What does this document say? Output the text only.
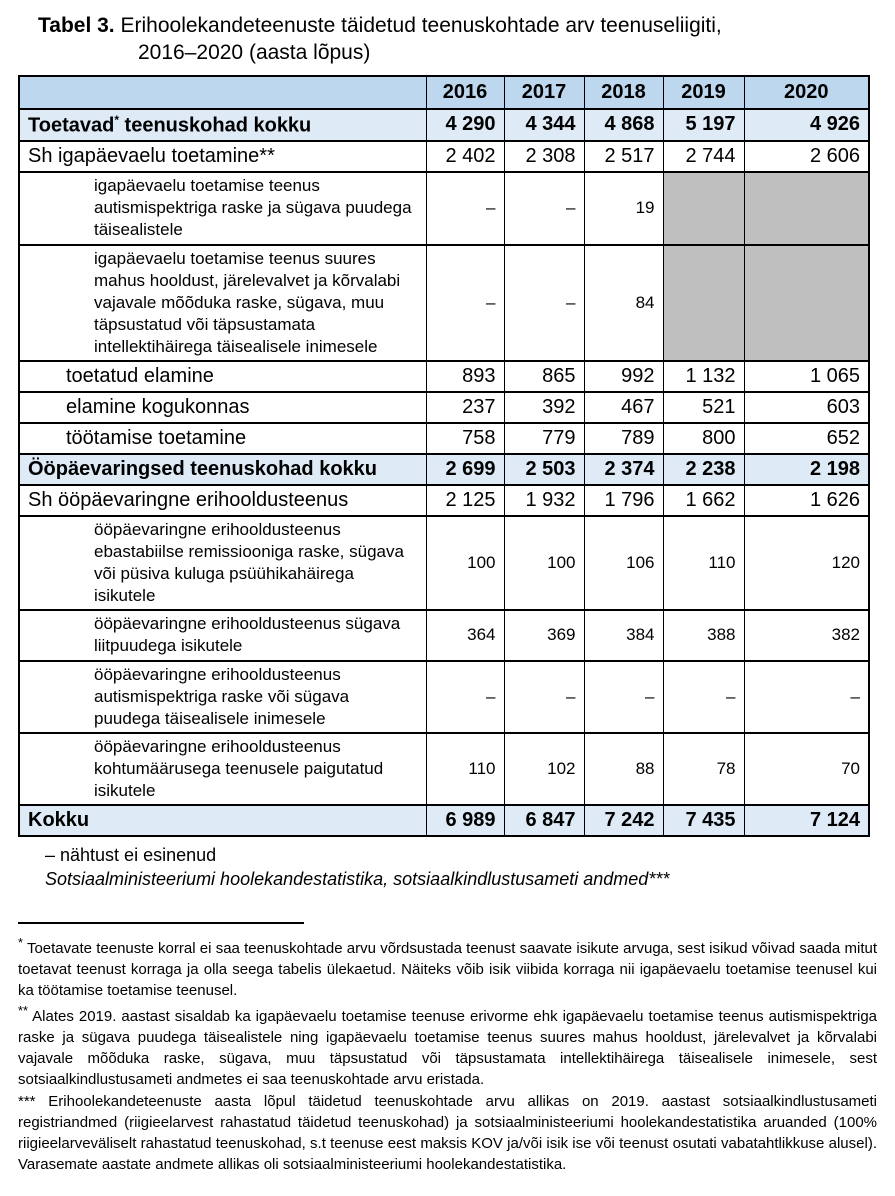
Tabel 3. Erihoolekandeteenuste täidetud teenuskohtade arv teenuseliigiti,
2016–2020 (aasta lõpus)
	2016	2017	2018	2019	2020
Toetavad* teenuskohad kokku	4 290	4 344	4 868	5 197	4 926
Sh igapäevaelu toetamine**	2 402	2 308	2 517	2 744	2 606
igapäevaelu toetamise teenus autismispektriga raske ja sügava puudega täisealistele	–	–	19		
igapäevaelu toetamise teenus suures mahus hooldust, järelevalvet ja kõrvalabi vajavale mõõduka raske, sügava, muu täpsustatud või täpsustamata intellektihäirega täisealisele inimesele	–	–	84		
toetatud elamine	893	865	992	1 132	1 065
elamine kogukonnas	237	392	467	521	603
töötamise toetamine	758	779	789	800	652
Ööpäevaringsed teenuskohad kokku	2 699	2 503	2 374	2 238	2 198
Sh ööpäevaringne erihooldusteenus	2 125	1 932	1 796	1 662	1 626
ööpäevaringne erihooldusteenus ebastabiilse remissiooniga raske, sügava või püsiva kuluga psüühikahäirega isikutele	100	100	106	110	120
ööpäevaringne erihooldusteenus sügava liitpuudega isikutele	364	369	384	388	382
ööpäevaringne erihooldusteenus autismispektriga raske või sügava puudega täisealisele inimesele	–	–	–	–	–
ööpäevaringne erihooldusteenus kohtumäärusega teenusele paigutatud isikutele	110	102	88	78	70
Kokku	6 989	6 847	7 242	7 435	7 124
– nähtust ei esinenud
Sotsiaalministeeriumi hoolekandestatistika, sotsiaalkindlustusameti andmed***

* Toetavate teenuste korral ei saa teenuskohtade arvu võrdsustada teenust saavate isikute arvuga, sest isikud võivad saada mitut toetavat teenust korraga ja olla seega tabelis ülekaetud. Näiteks võib isik viibida korraga nii igapäevaelu toetamise teenusel kui ka töötamise toetamise teenusel.

** Alates 2019. aastast sisaldab ka igapäevaelu toetamise teenuse erivorme ehk igapäevaelu toetamise teenus autismispektriga raske ja sügava puudega täisealistele ning igapäevaelu toetamise teenus suures mahus hooldust, järelevalvet ja kõrvalabi vajavale mõõduka raske, sügava, muu täpsustatud või täpsustamata intellektihäirega täisealisele inimesele, sest sotsiaalkindlustusameti andmetes ei saa teenuskohtade arvu eristada.

*** Erihoolekandeteenuste aasta lõpul täidetud teenuskohtade arvu allikas on 2019. aastast sotsiaalkindlustusameti registriandmed (riigieelarvest rahastatud täidetud teenuskohad) ja sotsiaalministeeriumi hoolekandestatistika aruanded (100% riigieelarveväliselt rahastatud teenuskohad, s.t teenuse eest maksis KOV ja/või isik ise või teenust osutati vabatahtlikkuse alusel). Varasemate aastate andmete allikas oli sotsiaalministeeriumi hoolekandestatistika.
